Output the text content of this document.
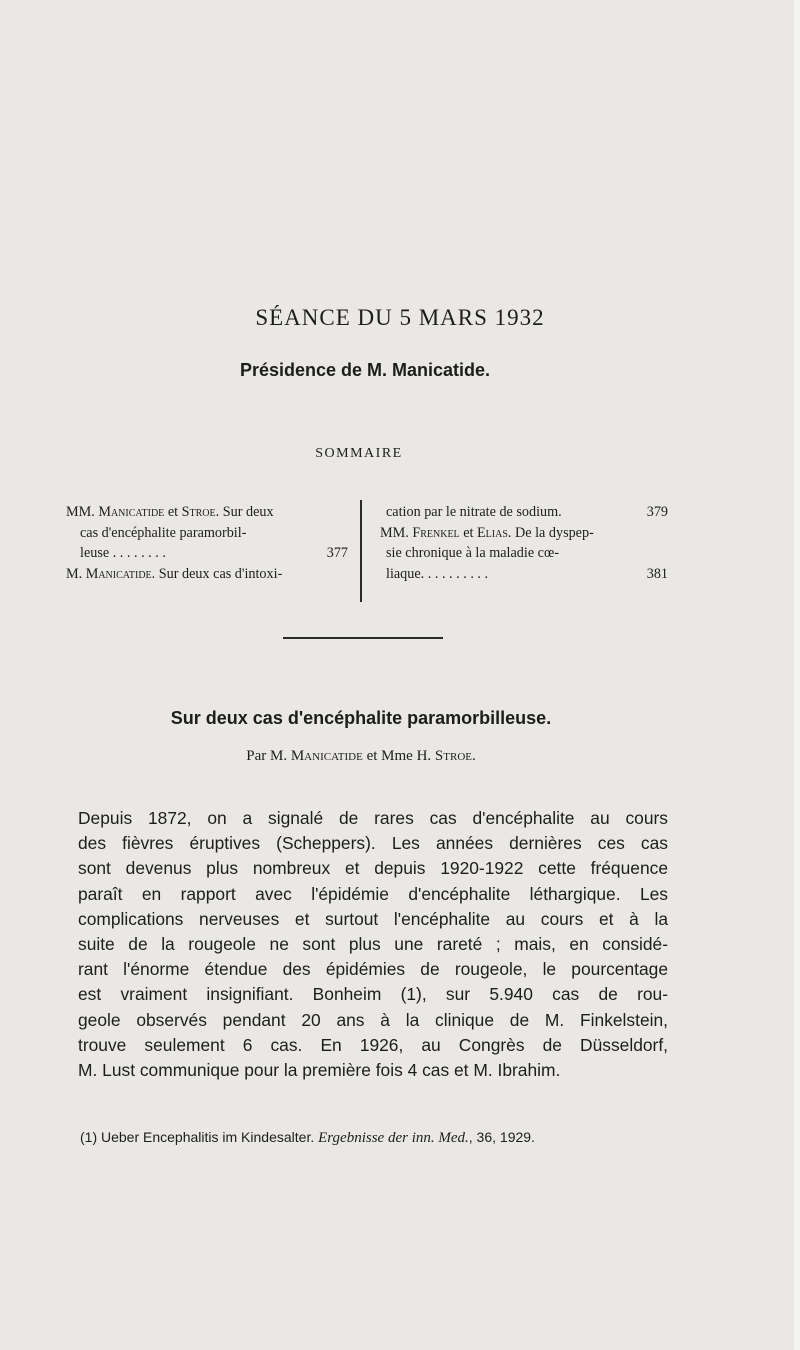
SÉANCE DU 5 MARS 1932
Présidence de M. Manicatide.
SOMMAIRE
MM. Manicatide et Stroe. Sur deux
cas d'encéphalite paramorbil-
leuse . . . . . . . .	377
M. Manicatide. Sur deux cas d'intoxi-
cation par le nitrate de sodium.	379
MM. Frenkel et Elias. De la dyspep-
sie chronique à la maladie cœ-
liaque. . . . . . . . . .	381
Sur deux cas d'encéphalite paramorbilleuse.
Par M. Manicatide et Mme H. Stroe.
Depuis 1872, on a signalé de rares cas d'encéphalite au cours
des fièvres éruptives (Scheppers). Les années dernières ces cas
sont devenus plus nombreux et depuis 1920-1922 cette fréquence
paraît en rapport avec l'épidémie d'encéphalite léthargique. Les
complications nerveuses et surtout l'encéphalite au cours et à la
suite de la rougeole ne sont plus une rareté ; mais, en considé-
rant l'énorme étendue des épidémies de rougeole, le pourcentage
est vraiment insignifiant. Bonheim (1), sur 5.940 cas de rou-
geole observés pendant 20 ans à la clinique de M. Finkelstein,
trouve seulement 6 cas. En 1926, au Congrès de Düsseldorf,
M. Lust communique pour la première fois 4 cas et M. Ibrahim.
(1) Ueber Encephalitis im Kindesalter. Ergebnisse der inn. Med., 36, 1929.
